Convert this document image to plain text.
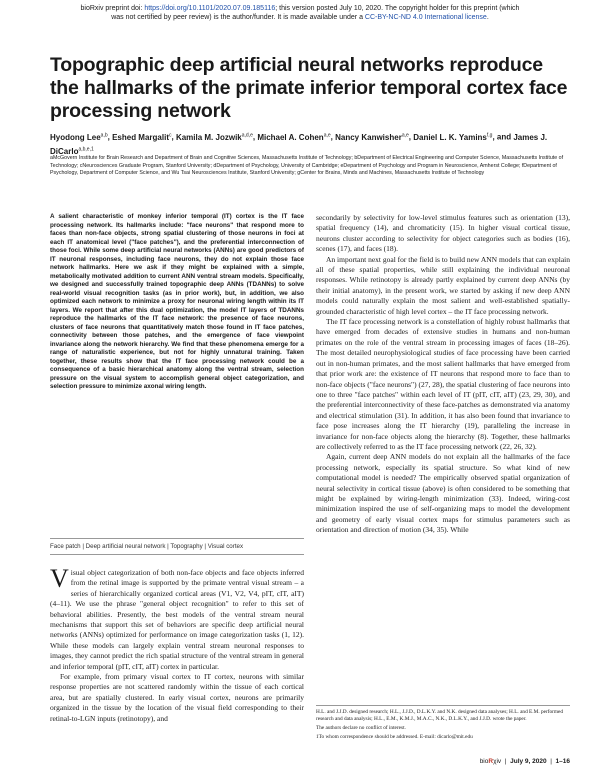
bioRxiv preprint doi: https://doi.org/10.1101/2020.07.09.185116; this version posted July 10, 2020. The copyright holder for this preprint (which
was not certified by peer review) is the author/funder. It is made available under a CC-BY-NC-ND 4.0 International license.
Topographic deep artificial neural networks reproduce the hallmarks of the primate inferior temporal cortex face processing network
Hyodong Lee$^{a,b}$, Eshed Margalit$^c$, Kamila M. Jozwik$^{a,d,e}$, Michael A. Cohen$^{a,e}$, Nancy Kanwisher$^{a,e}$, Daniel L. K. Yamins$^{f,g}$, and James J. DiCarlo$^{a,b,e,1}$
aMcGovern Institute for Brain Research and Department of Brain and Cognitive Sciences, Massachusetts Institute of Technology; bDepartment of Electrical Engineering and Computer Science, Massachusetts Institute of Technology; cNeurosciences Graduate Program, Stanford University; dDepartment of Psychology, University of Cambridge; eDepartment of Psychology and Program in Neuroscience, Amherst College; fDepartment of Psychology, Department of Computer Science, and Wu Tsai Neurosciences Institute, Stanford University; gCenter for Brains, Minds and Machines, Massachusetts Institute of Technology
A salient characteristic of monkey inferior temporal (IT) cortex is the IT face processing network. Its hallmarks include: "face neurons" that respond more to faces than non-face objects, strong spatial clustering of those neurons in foci at each IT anatomical level ("face patches"), and the preferential interconnection of those foci. While some deep artificial neural networks (ANNs) are good predictors of IT neuronal responses, including face neurons, they do not explain those face network hallmarks. Here we ask if they might be explained with a simple, metabolically motivated addition to current ANN ventral stream models. Specifically, we designed and successfully trained topographic deep ANNs (TDANNs) to solve real-world visual recognition tasks (as in prior work), but, in addition, we also optimized each network to minimize a proxy for neuronal wiring length within its IT layers. We report that after this dual optimization, the model IT layers of TDANNs reproduce the hallmarks of the IT face network: the presence of face neurons, clusters of face neurons that quantitatively match those found in IT face patches, connectivity between those patches, and the emergence of face viewpoint invariance along the network hierarchy. We find that these phenomena emerge for a range of naturalistic experience, but not for highly unnatural training. Taken together, these results show that the IT face processing network could be a consequence of a basic hierarchical anatomy along the ventral stream, selection pressure on the visual system to accomplish general object categorization, and selection pressure to minimize axonal wiring length.
Face patch | Deep artificial neural network | Topography | Visual cortex

Visual object categorization of both non-face objects and face objects inferred from the retinal image is supported by the primate ventral visual stream – a series of hierarchically organized cortical areas (V1, V2, V4, pIT, cIT, aIT) (4–11). We use the phrase "general object recognition" to refer to this set of behavioral abilities. Presently, the best models of the ventral stream neural mechanisms that support this set of behaviors are specific deep artificial neural networks (ANNs) optimized for performance on image categorization tasks (1, 12). While these models can largely explain ventral stream neuronal responses to images, they cannot predict the rich spatial structure of the ventral stream in general and inferior temporal (pIT, cIT, aIT) cortex in particular.

For example, from primary visual cortex to IT cortex, neurons with similar response properties are not scattered randomly within the tissue of each cortical area, but are spatially clustered. In early visual cortex, neurons are primarily organized in the tissue by the location of the visual field corresponding to their retinal-to-LGN inputs (retinotopy), and

secondarily by selectivity for low-level stimulus features such as orientation (13), spatial frequency (14), and chromaticity (15). In higher visual cortical tissue, neurons cluster according to selectivity for object categories such as bodies (16), scenes (17), and faces (18).

An important next goal for the field is to build new ANN models that can explain all of these spatial properties, while still explaining the individual neuronal responses. While retinotopy is already partly explained by current deep ANNs (by their initial anatomy), in the present work, we started by asking if new deep ANN models could naturally explain the most salient and well-established spatially-grounded characteristic of high level cortex – the IT face processing network.

The IT face processing network is a constellation of highly robust hallmarks that have emerged from decades of extensive studies in humans and non-human primates on the role of the ventral stream in processing images of faces (18–26). The most detailed neurophysiological studies of face processing have been carried out in non-human primates, and the most salient hallmarks that have emerged from that prior work are: the existence of IT neurons that respond more to face than to non-face objects ("face neurons") (27, 28), the spatial clustering of face neurons into one to three "face patches" within each level of IT (pIT, cIT, aIT) (23, 29, 30), and the preferential interconnectivity of these face-patches as demonstrated via anatomy and electrical stimulation (31). In addition, it has also been found that invariance to face pose increases along the IT hierarchy (19), paralleling the increase in invariance for non-face objects along the hierarchy (8). Together, these hallmarks are collectively referred to as the IT face processing network (22, 26, 32).

Again, current deep ANN models do not explain all the hallmarks of the face processing network, especially its spatial structure. So what kind of new computational model is needed? The empirically observed spatial organization of neural selectivity in cortical tissue (above) is often considered to be something that might be explained by wiring-length minimization (33). Indeed, wiring-cost minimization inspired the use of self-organizing maps to model the development and geometry of early visual cortex maps for stimulus parameters such as orientation and direction of motion (34, 35). While

H.L. and J.J.D. designed research; H.L., J.J.D., D.L.K.Y. and N.K. designed data analyses; H.L. and E.M. performed research and data analysis; H.L., E.M., K.M.J., M.A.C., N.K., D.L.K.Y., and J.J.D. wrote the paper.

The authors declare no conflict of interest.

1To whom correspondence should be addressed. E-mail: dicarlo@mit.edu

bioRχiv  |  July 9, 2020  |  1–16
